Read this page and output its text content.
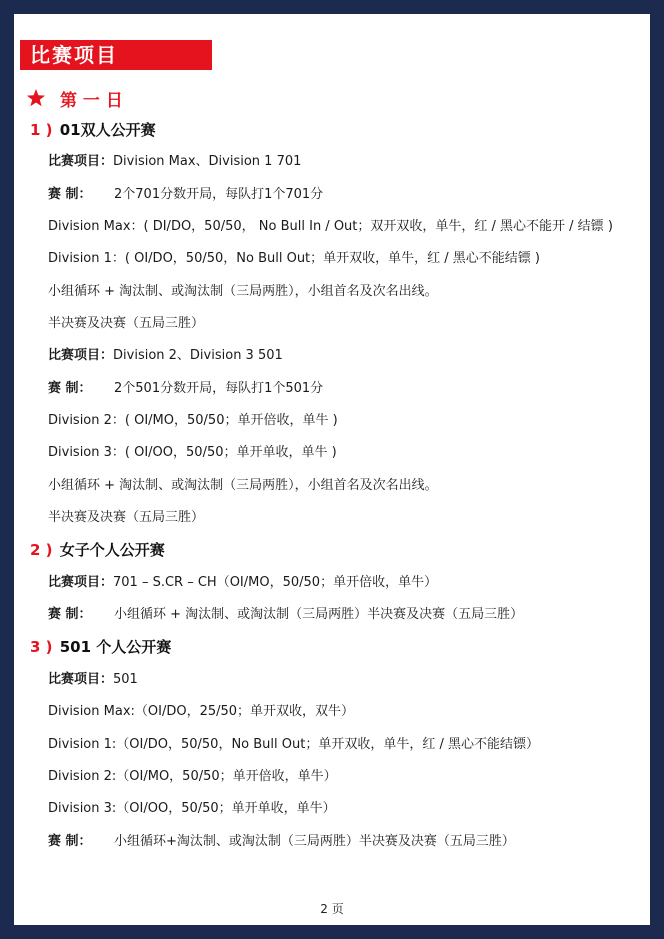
比赛项目
第 一 日
1 ) 01双人公开赛
比赛项目：Division Max、Division 1 701
赛 制： 2个701分数开局，每队打1个701分
Division Max：( DI/DO，50/50， No Bull In / Out；双开双收，单牛，红 / 黑心不能开 / 结镖 )
Division 1：( OI/DO，50/50，No Bull Out；单开双收，单牛，红 / 黑心不能结镖 )
小组循环 + 淘汰制、或淘汰制（三局两胜），小组首名及次名出线。
半决赛及决赛（五局三胜）
比赛项目：Division 2、Division 3 501
赛 制： 2个501分数开局，每队打1个501分
Division 2：( OI/MO，50/50；单开倍收，单牛 )
Division 3：( OI/OO，50/50；单开单收，单牛 )
小组循环 + 淘汰制、或淘汰制（三局两胜），小组首名及次名出线。
半决赛及决赛（五局三胜）
2 ) 女子个人公开赛
比赛项目：701 – S.CR – CH（OI/MO，50/50；单开倍收，单牛）
赛 制： 小组循环 + 淘汰制、或淘汰制（三局两胜）半决赛及决赛（五局三胜）
3 ) 501 个人公开赛
比赛项目：501
Division Max:（OI/DO，25/50；单开双收，双牛）
Division 1:（OI/DO，50/50，No Bull Out；单开双收，单牛，红 / 黑心不能结镖）
Division 2:（OI/MO，50/50；单开倍收，单牛）
Division 3:（OI/OO，50/50；单开单收，单牛）
赛 制： 小组循环+淘汰制、或淘汰制（三局两胜）半决赛及决赛（五局三胜）
2 页
